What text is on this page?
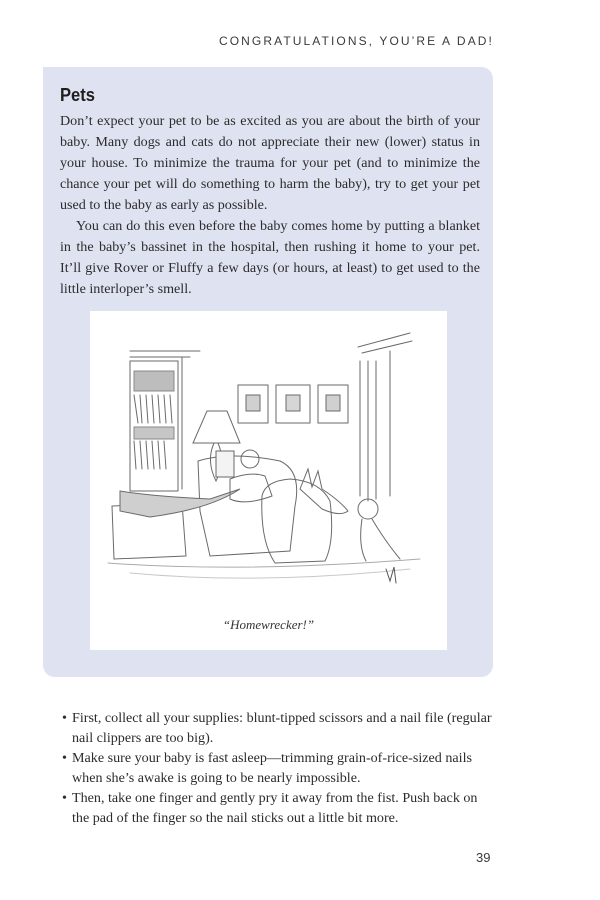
CONGRATULATIONS, YOU’RE A DAD!
Pets

Don’t expect your pet to be as excited as you are about the birth of your baby. Many dogs and cats do not appreciate their new (lower) status in your house. To minimize the trauma for your pet (and to minimize the chance your pet will do something to harm the baby), try to get your pet used to the baby as early as possible.

You can do this even before the baby comes home by putting a blanket in the baby’s bassinet in the hospital, then rushing it home to your pet. It’ll give Rover or Fluffy a few days (or hours, at least) to get used to the little interloper’s smell.

“Homewrecker!”
• First, collect all your supplies: blunt-tipped scissors and a nail file (regular nail clippers are too big).
• Make sure your baby is fast asleep—trimming grain-of-rice-sized nails when she’s awake is going to be nearly impossible.
• Then, take one finger and gently pry it away from the fist. Push back on the pad of the finger so the nail sticks out a little bit more.
39
